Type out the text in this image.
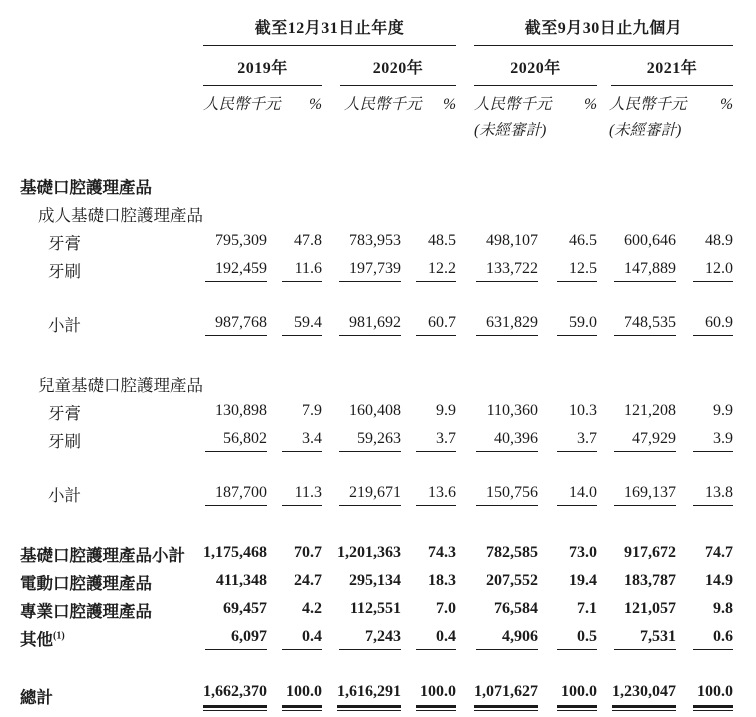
	截至12月31日止年度					截至9月30日止九個月			

	2019年		2020年			2020年		2021年	

	人民幣千元	%	人民幣千元	%		人民幣千元	%	人民幣千元	%
						(未經審計)		(未經審計)	

基礎口腔護理產品									
成人基礎口腔護理產品									
牙膏	795,309	47.8	783,953	48.5		498,107	46.5	600,646	48.9
牙刷	192,459	11.6	197,739	12.2		133,722	12.5	147,889	12.0

小計	987,768	59.4	981,692	60.7		631,829	59.0	748,535	60.9

兒童基礎口腔護理產品									
牙膏	130,898	7.9	160,408	9.9		110,360	10.3	121,208	9.9
牙刷	56,802	3.4	59,263	3.7		40,396	3.7	47,929	3.9

小計	187,700	11.3	219,671	13.6		150,756	14.0	169,137	13.8

基礎口腔護理產品小計	1,175,468	70.7	1,201,363	74.3		782,585	73.0	917,672	74.7
電動口腔護理產品	411,348	24.7	295,134	18.3		207,552	19.4	183,787	14.9
專業口腔護理產品	69,457	4.2	112,551	7.0		76,584	7.1	121,057	9.8
其他$^{(1)}$	6,097	0.4	7,243	0.4		4,906	0.5	7,531	0.6

總計	1,662,370	100.0	1,616,291	100.0		1,071,627	100.0	1,230,047	100.0
